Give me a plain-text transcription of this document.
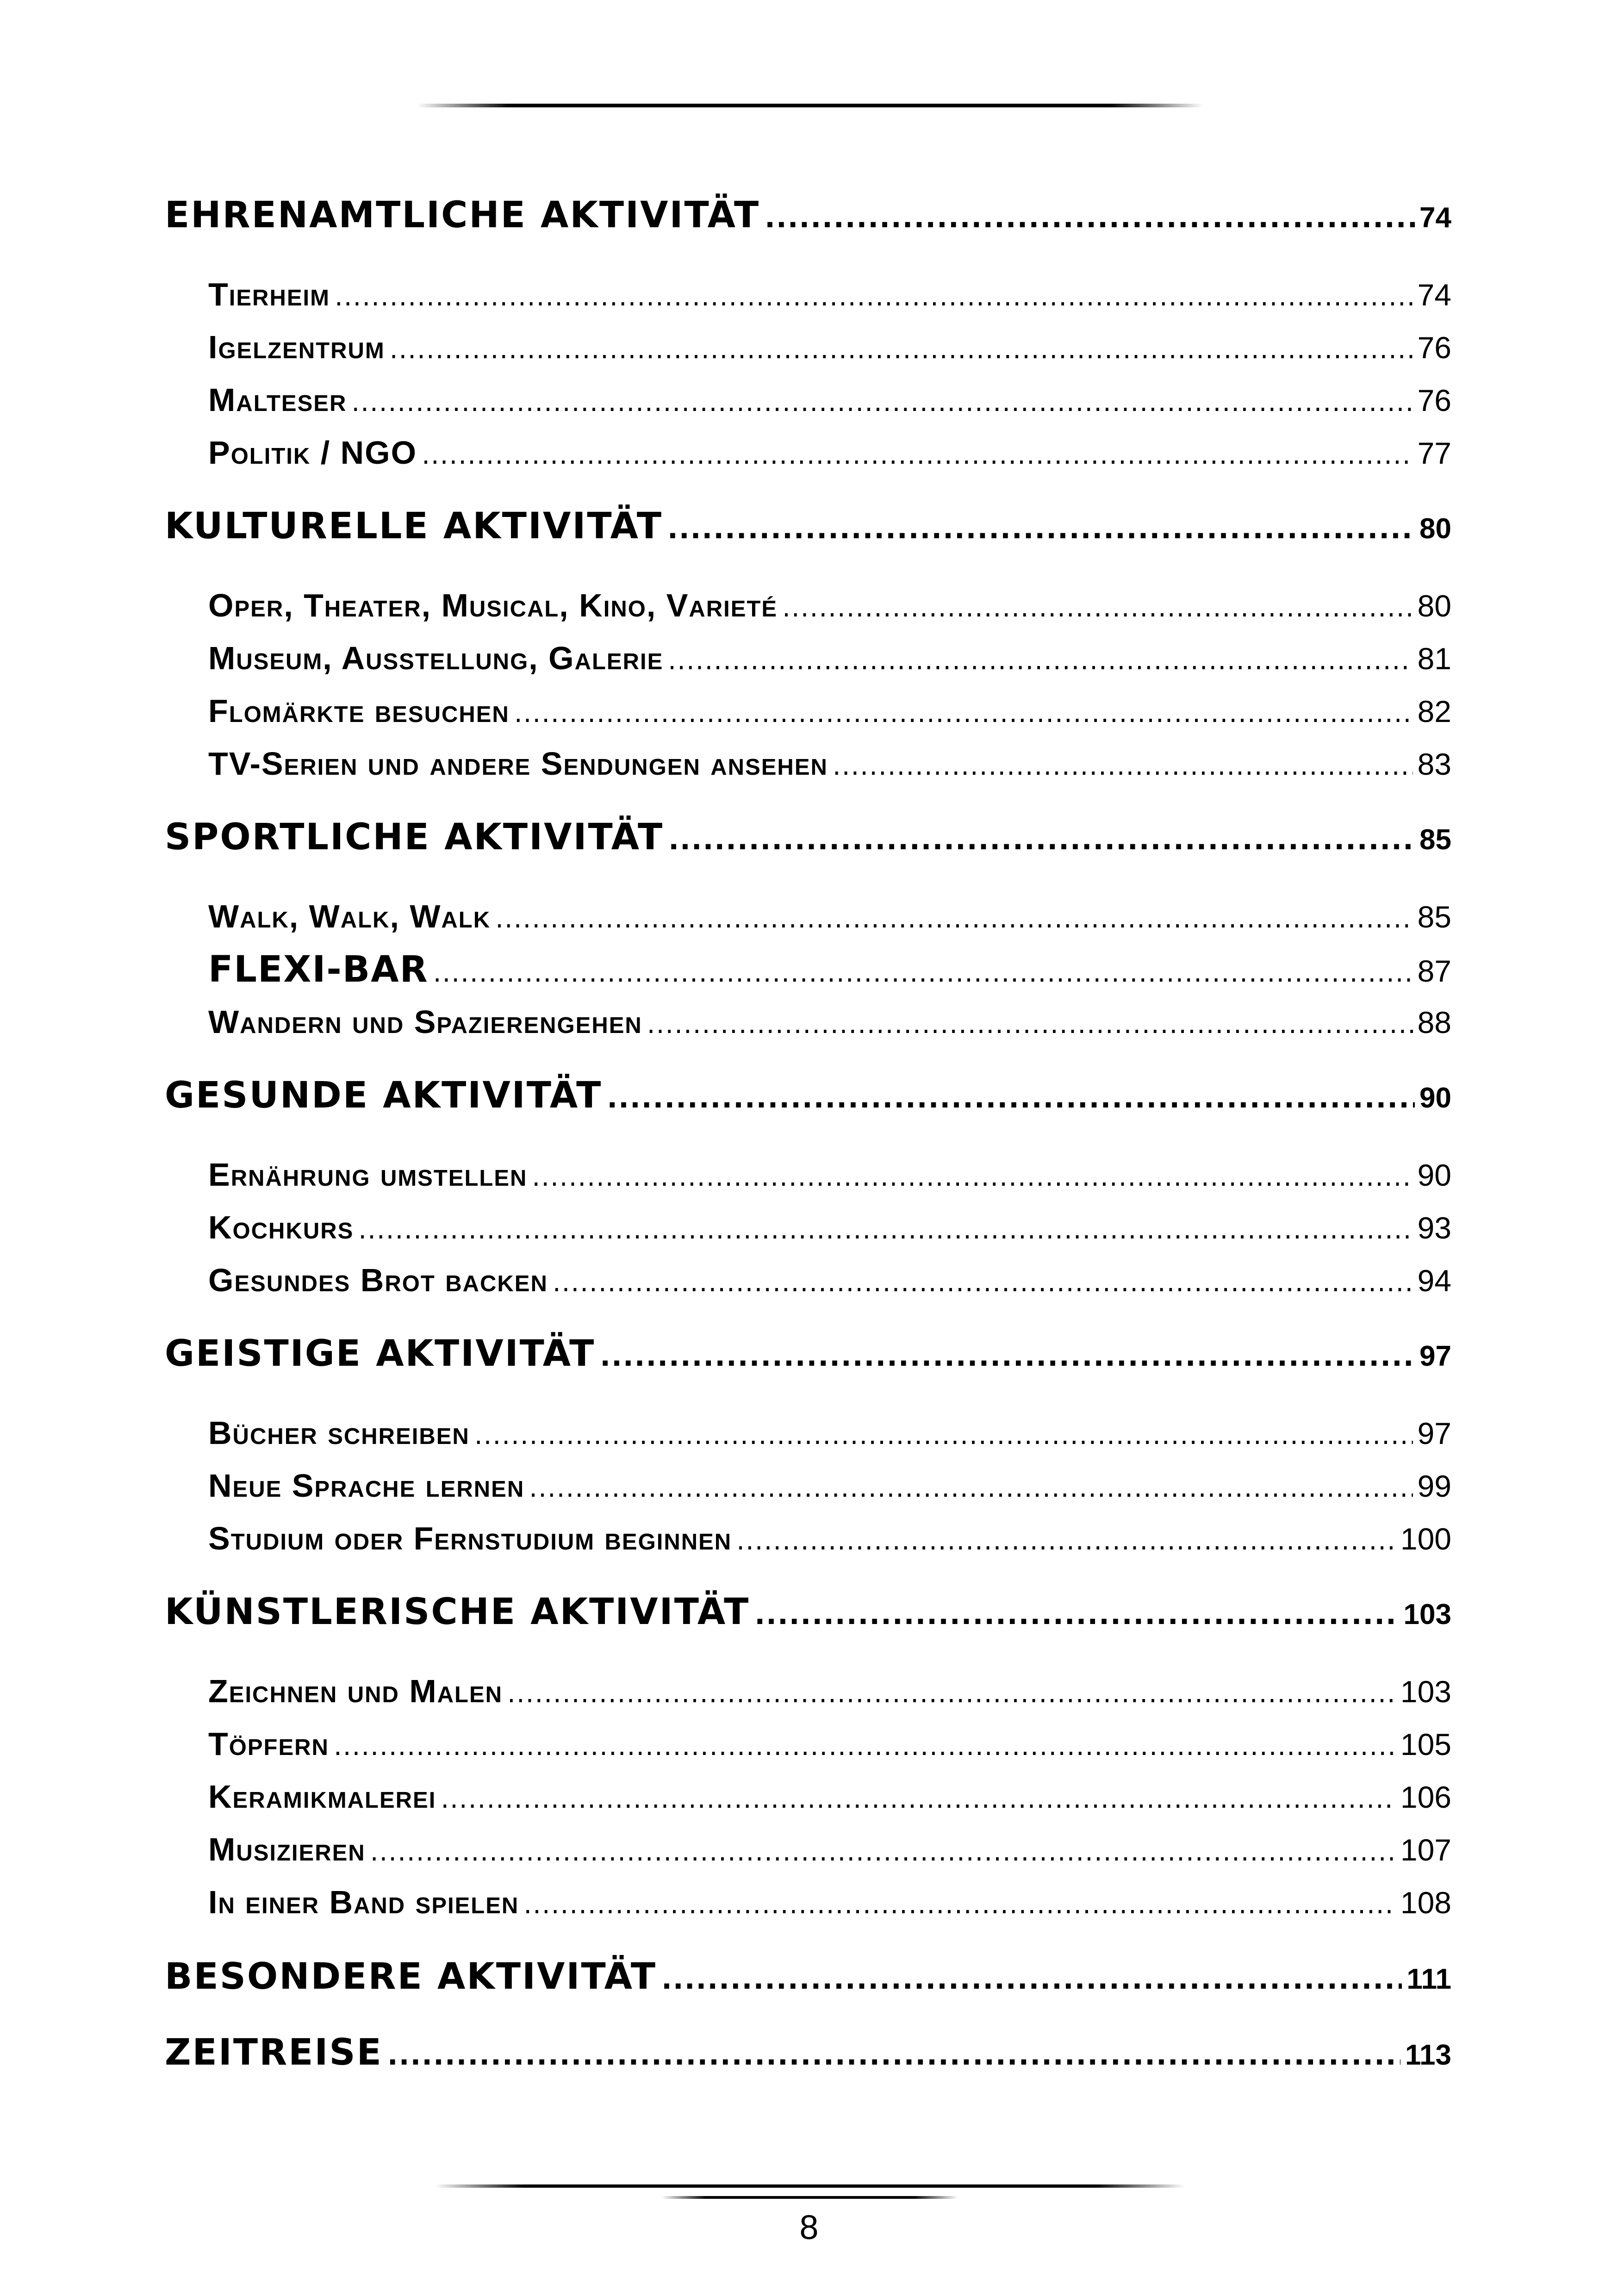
EHRENAMTLICHE AKTIVITÄT .....	74
Tierheim .....	74
Igelzentrum .....	76
Malteser .....	76
Politik / NGO .....	77
KULTURELLE AKTIVITÄT .....	80
Oper, Theater, Musical, Kino, Varieté .....	80
Museum, Ausstellung, Galerie .....	81
Flomärkte besuchen .....	82
TV-Serien und andere Sendungen ansehen .....	83
SPORTLICHE AKTIVITÄT .....	85
Walk, Walk, Walk .....	85
FLEXI-BAR .....	87
Wandern und Spazierengehen .....	88
GESUNDE AKTIVITÄT .....	90
Ernährung umstellen .....	90
Kochkurs .....	93
Gesundes Brot backen .....	94
GEISTIGE AKTIVITÄT .....	97
Bücher schreiben .....	97
Neue Sprache lernen .....	99
Studium oder Fernstudium beginnen .....	100
KÜNSTLERISCHE AKTIVITÄT .....	103
Zeichnen und Malen .....	103
Töpfern .....	105
Keramikmalerei .....	106
Musizieren .....	107
In einer Band spielen .....	108
BESONDERE AKTIVITÄT .....	111
ZEITREISE .....	113
8
